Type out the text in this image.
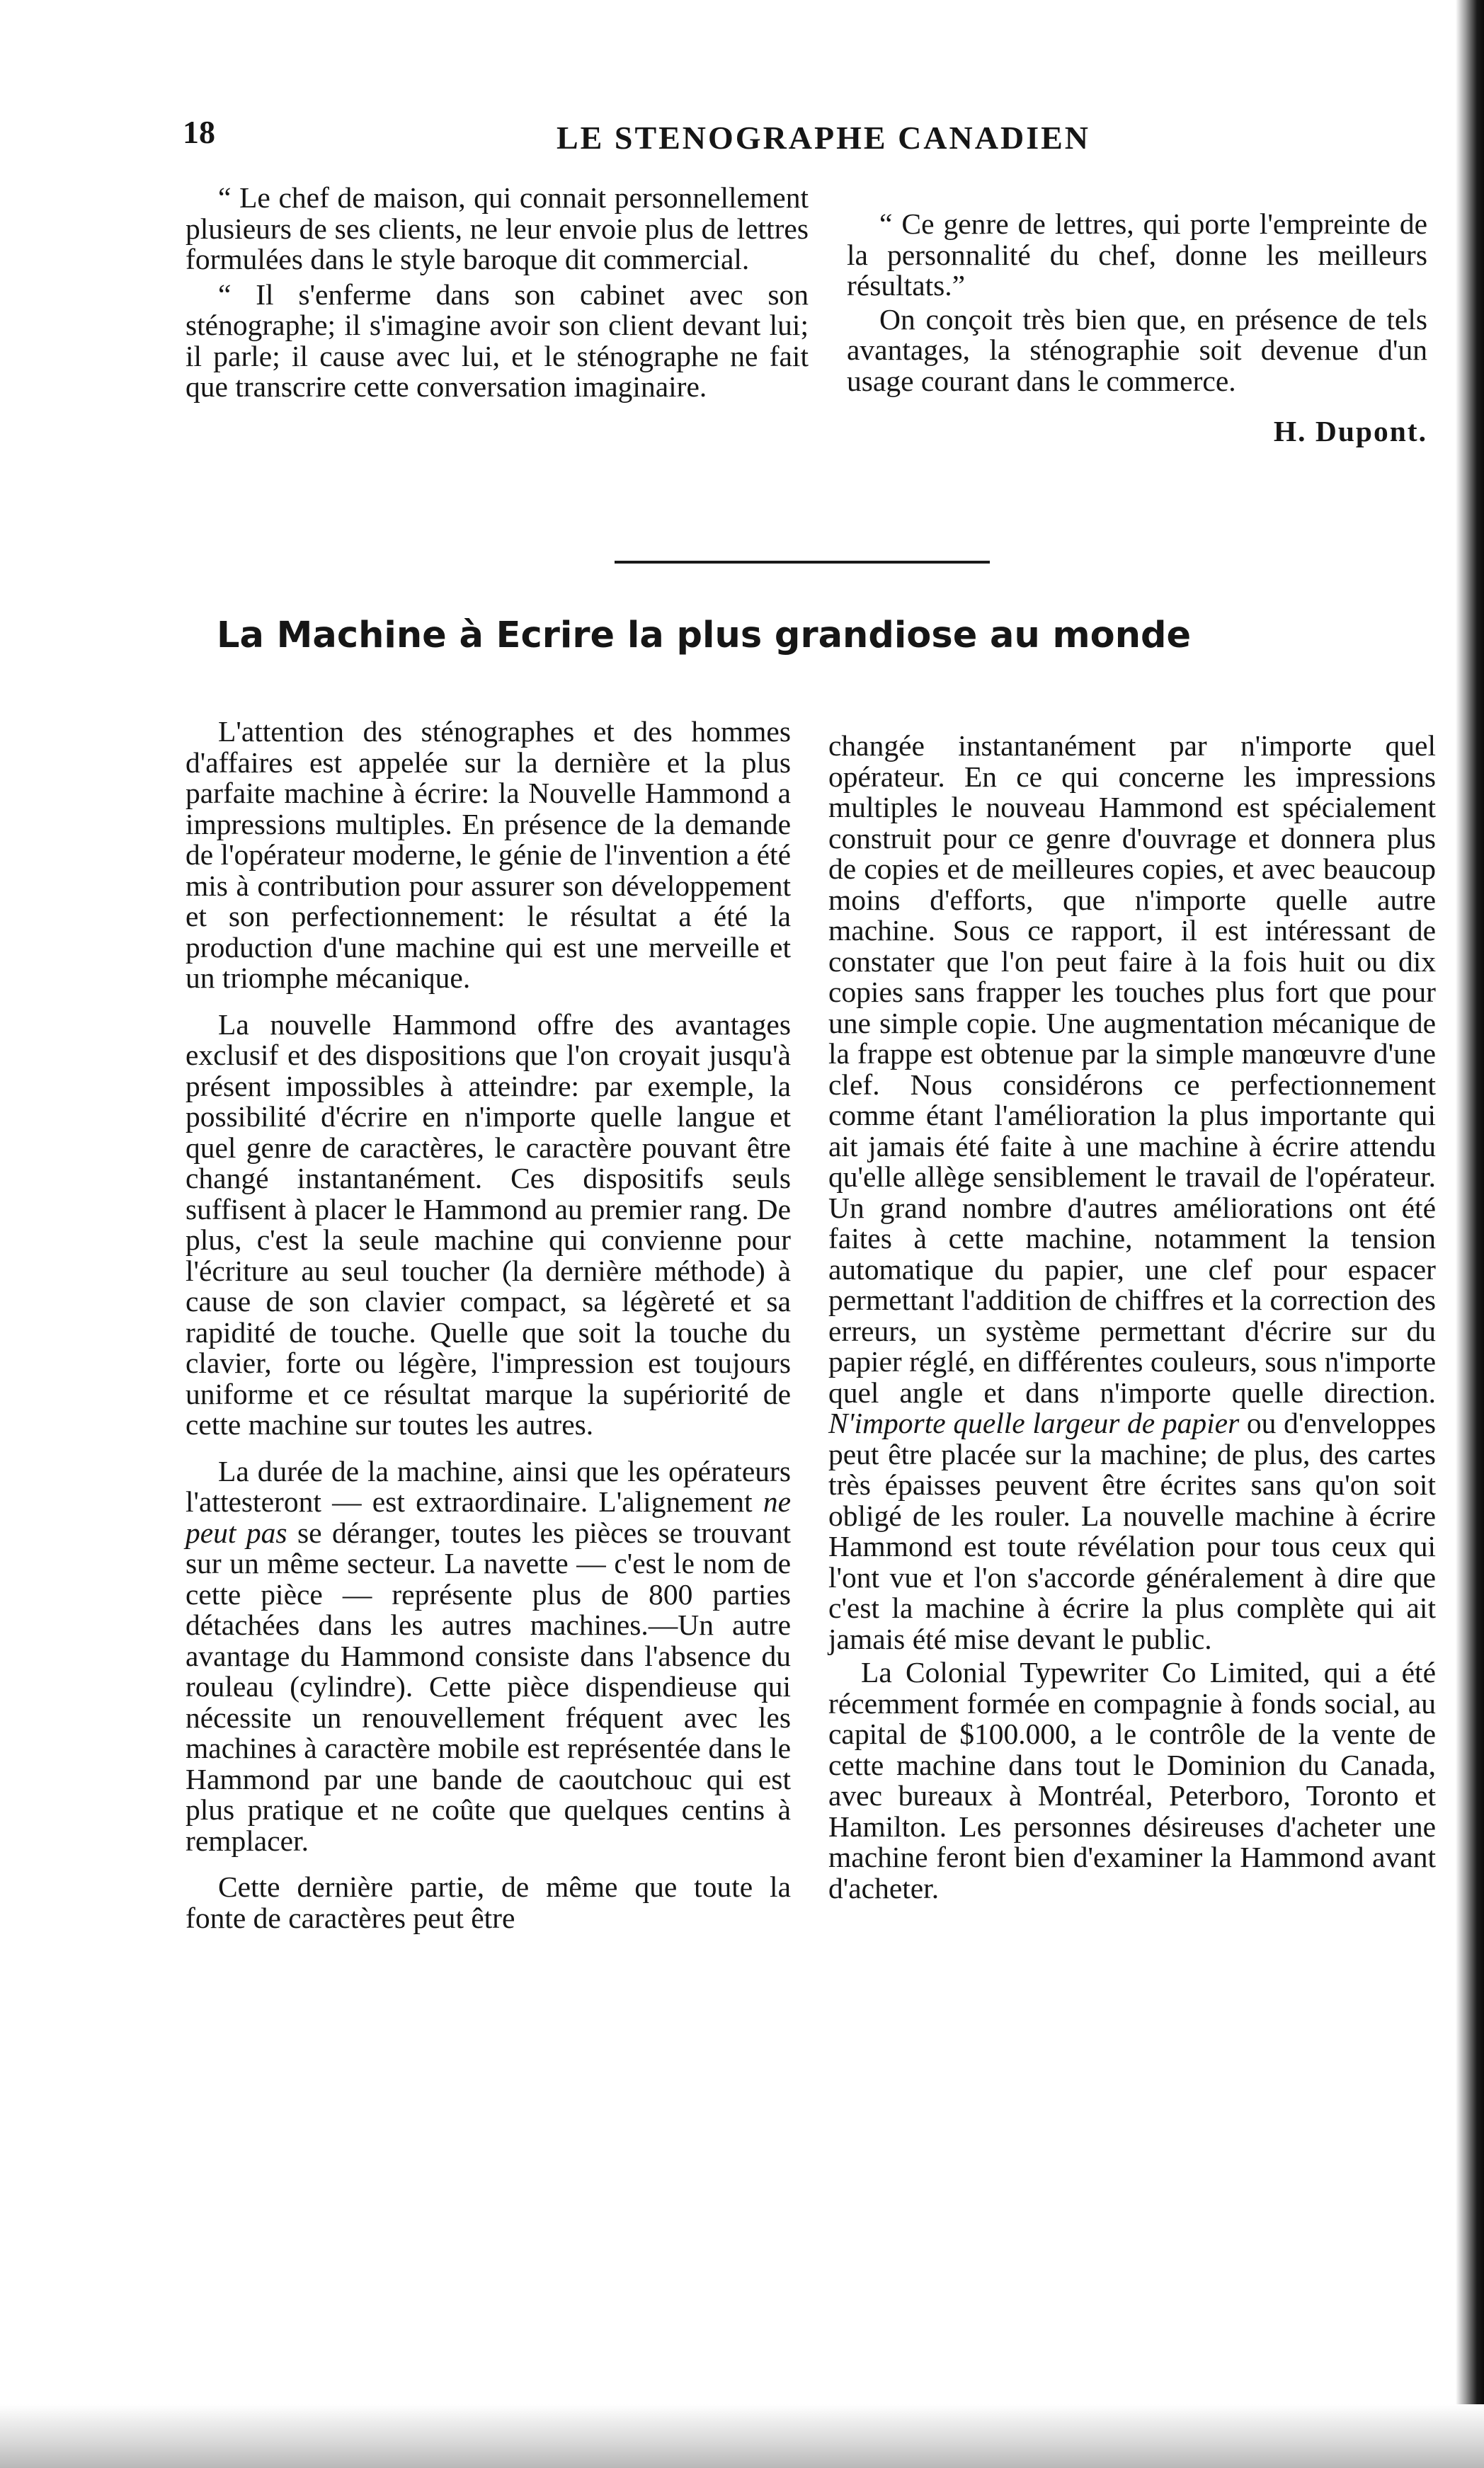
18	LE STENOGRAPHE CANADIEN

“ Le chef de maison, qui connait personnellement plusieurs de ses clients, ne leur envoie plus de lettres formulées dans le style baroque dit commercial.

“ Il s'enferme dans son cabinet avec son sténographe; il s'imagine avoir son client devant lui; il parle; il cause avec lui, et le sténographe ne fait que transcrire cette conversation imaginaire.

“ Ce genre de lettres, qui porte l'empreinte de la personnalité du chef, donne les meilleurs résultats.”

On conçoit très bien que, en présence de tels avantages, la sténographie soit devenue d'un usage courant dans le commerce.

H. Dupont.

La Machine à Ecrire la plus grandiose au monde

L'attention des sténographes et des hommes d'affaires est appelée sur la dernière et la plus parfaite machine à écrire: la Nouvelle Hammond a impressions multiples. En présence de la demande de l'opérateur moderne, le génie de l'invention a été mis à contribution pour assurer son développement et son perfectionnement: le résultat a été la production d'une machine qui est une merveille et un triomphe mécanique.

La nouvelle Hammond offre des avantages exclusif et des dispositions que l'on croyait jusqu'à présent impossibles à atteindre: par exemple, la possibilité d'écrire en n'importe quelle langue et quel genre de caractères, le caractère pouvant être changé instantanément. Ces dispositifs seuls suffisent à placer le Hammond au premier rang. De plus, c'est la seule machine qui convienne pour l'écriture au seul toucher (la dernière méthode) à cause de son clavier compact, sa légèreté et sa rapidité de touche. Quelle que soit la touche du clavier, forte ou légère, l'impression est toujours uniforme et ce résultat marque la supériorité de cette machine sur toutes les autres.

La durée de la machine, ainsi que les opérateurs l'attesteront — est extraordinaire. L'alignement ne peut pas se déranger, toutes les pièces se trouvant sur un même secteur. La navette — c'est le nom de cette pièce — représente plus de 800 parties détachées dans les autres machines.—Un autre avantage du Hammond consiste dans l'absence du rouleau (cylindre). Cette pièce dispendieuse qui nécessite un renouvellement fréquent avec les machines à caractère mobile est représentée dans le Hammond par une bande de caoutchouc qui est plus pratique et ne coûte que quelques centins à remplacer.

Cette dernière partie, de même que toute la fonte de caractères peut être

changée instantanément par n'importe quel opérateur. En ce qui concerne les impressions multiples le nouveau Hammond est spécialement construit pour ce genre d'ouvrage et donnera plus de copies et de meilleures copies, et avec beaucoup moins d'efforts, que n'importe quelle autre machine. Sous ce rapport, il est intéressant de constater que l'on peut faire à la fois huit ou dix copies sans frapper les touches plus fort que pour une simple copie. Une augmentation mécanique de la frappe est obtenue par la simple manœuvre d'une clef. Nous considérons ce perfectionnement comme étant l'amélioration la plus importante qui ait jamais été faite à une machine à écrire attendu qu'elle allège sensiblement le travail de l'opérateur. Un grand nombre d'autres améliorations ont été faites à cette machine, notamment la tension automatique du papier, une clef pour espacer permettant l'addition de chiffres et la correction des erreurs, un système permettant d'écrire sur du papier réglé, en différentes couleurs, sous n'importe quel angle et dans n'importe quelle direction. N'importe quelle largeur de papier ou d'enveloppes peut être placée sur la machine; de plus, des cartes très épaisses peuvent être écrites sans qu'on soit obligé de les rouler. La nouvelle machine à écrire Hammond est toute révélation pour tous ceux qui l'ont vue et l'on s'accorde généralement à dire que c'est la machine à écrire la plus complète qui ait jamais été mise devant le public.

La Colonial Typewriter Co Limited, qui a été récemment formée en compagnie à fonds social, au capital de $100.000, a le contrôle de la vente de cette machine dans tout le Dominion du Canada, avec bureaux à Montréal, Peterboro, Toronto et Hamilton. Les personnes désireuses d'acheter une machine feront bien d'examiner la Hammond avant d'acheter.
